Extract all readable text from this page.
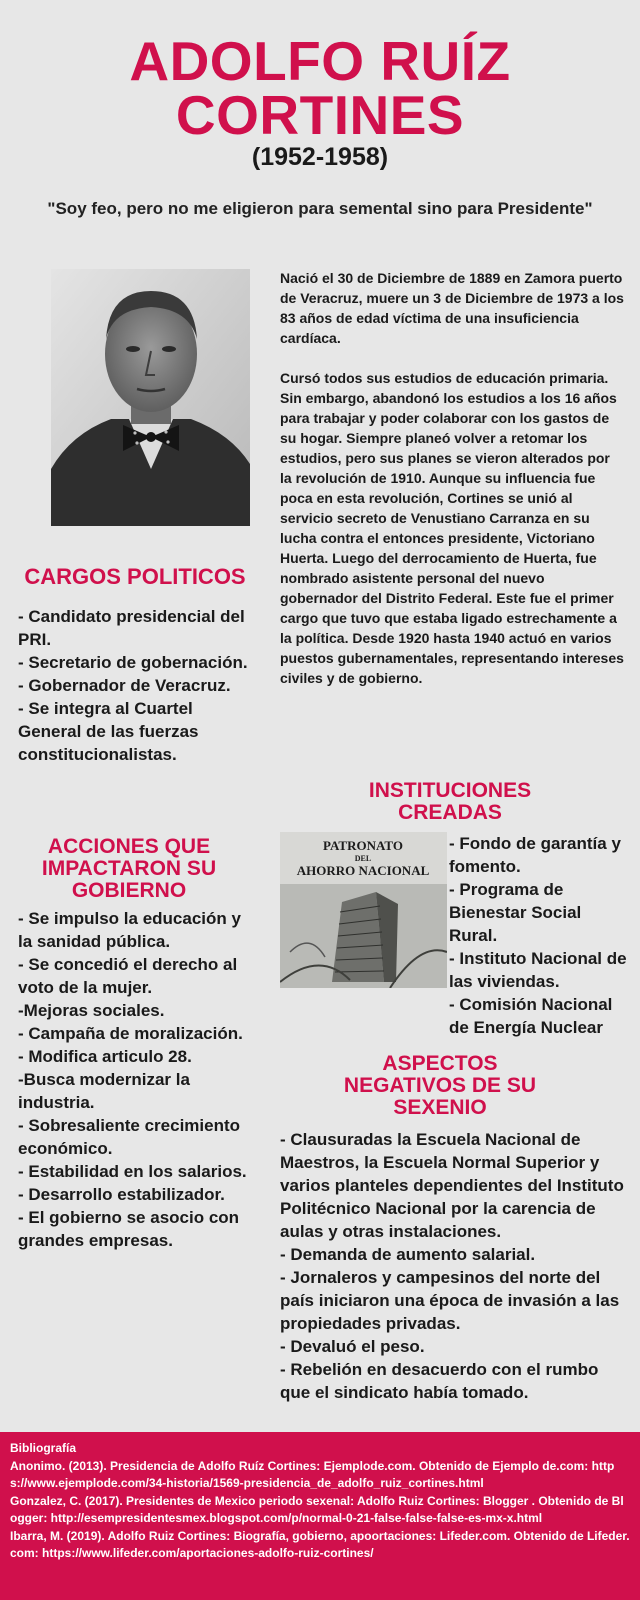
ADOLFO RUÍZ
CORTINES
(1952-1958)
"Soy feo, pero no me eligieron para semental sino para Presidente"

Nació el 30 de Diciembre de 1889 en Zamora puerto de Veracruz, muere un 3 de Diciembre de 1973 a los 83 años de edad víctima de una insuficiencia cardíaca.

Cursó todos sus estudios de educación primaria. Sin embargo, abandonó los estudios a los 16 años para trabajar y poder colaborar con los gastos de su hogar. Siempre planeó volver a retomar los estudios, pero sus planes se vieron alterados por la revolución de 1910. Aunque su influencia fue poca en esta revolución, Cortines se unió al servicio secreto de Venustiano Carranza en su lucha contra el entonces presidente, Victoriano Huerta. Luego del derrocamiento de Huerta, fue nombrado asistente personal del nuevo gobernador del Distrito Federal. Este fue el primer cargo que tuvo que estaba ligado estrechamente a la política. Desde 1920 hasta 1940 actuó en varios puestos gubernamentales, representando intereses civiles y de gobierno.

CARGOS POLITICOS
- Candidato presidencial del PRI.
- Secretario de gobernación.
- Gobernador de Veracruz.
- Se integra al Cuartel General de las fuerzas constitucionalistas.
ACCIONES QUE IMPACTARON SU GOBIERNO
- Se impulso la educación y la sanidad pública.
- Se concedió el derecho al voto de la mujer.
-Mejoras sociales.
- Campaña de moralización.
- Modifica articulo 28.
-Busca modernizar la industria.
- Sobresaliente crecimiento económico.
- Estabilidad en los salarios.
- Desarrollo estabilizador.
- El gobierno se asocio con grandes empresas.
INSTITUCIONES CREADAS
PATRONATO
DEL
AHORRO NACIONAL
- Fondo de garantía y fomento.
- Programa de Bienestar Social Rural.
- Instituto Nacional de las viviendas.
- Comisión Nacional de Energía Nuclear
ASPECTOS NEGATIVOS DE SU SEXENIO
- Clausuradas la Escuela Nacional de Maestros, la Escuela Normal Superior y varios planteles dependientes del Instituto Politécnico Nacional por la carencia de aulas y otras instalaciones.
- Demanda de aumento salarial.
- Jornaleros y campesinos del norte del país iniciaron una época de invasión a las
propiedades privadas.
- Devaluó el peso.
- Rebelión en desacuerdo con el rumbo que el sindicato había tomado.
Bibliografía
Anonimo. (2013). Presidencia de Adolfo Ruíz Cortines: Ejemplode.com. Obtenido de Ejemplo de.com: https://www.ejemplode.com/34-historia/1569-presidencia_de_adolfo_ruiz_cortines.html
Gonzalez, C. (2017). Presidentes de Mexico periodo sexenal: Adolfo Ruiz Cortines: Blogger . Obtenido de Blogger: http://esempresidentesmex.blogspot.com/p/normal-0-21-false-false-false-es-mx-x.html
Ibarra, M. (2019). Adolfo Ruiz Cortines: Biografía, gobierno, apoortaciones: Lifeder.com. Obtenido de Lifeder.com: https://www.lifeder.com/aportaciones-adolfo-ruiz-cortines/
